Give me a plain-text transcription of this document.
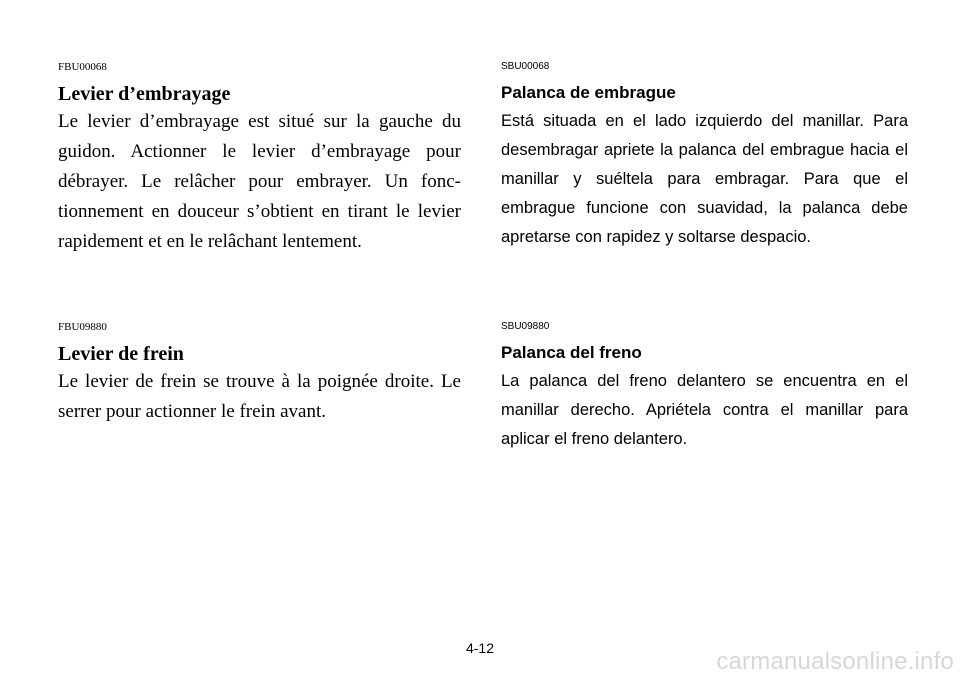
FBU00068

Levier d’embrayage

Le levier d’embrayage est situé sur la gauche du guidon. Actionner le levier d’embrayage pour débrayer. Le relâcher pour embrayer. Un fonctionnement en douceur s’obtient en tirant le levier rapidement et en le relâchant lentement.

FBU09880

Levier de frein

Le levier de frein se trouve à la poignée droite. Le serrer pour actionner le frein avant.

SBU00068

Palanca de embrague

Está situada en el lado izquierdo del manillar. Para desembragar apriete la palanca del embrague hacia el manillar y suéltela para embragar. Para que el embrague funcione con suavidad, la palanca debe apretarse con rapidez y soltarse despacio.

SBU09880

Palanca del freno

La palanca del freno delantero se encuentra en el manillar derecho. Apriételа contra el manillar para aplicar el freno delantero.

4-12	carmanualsonline.info
